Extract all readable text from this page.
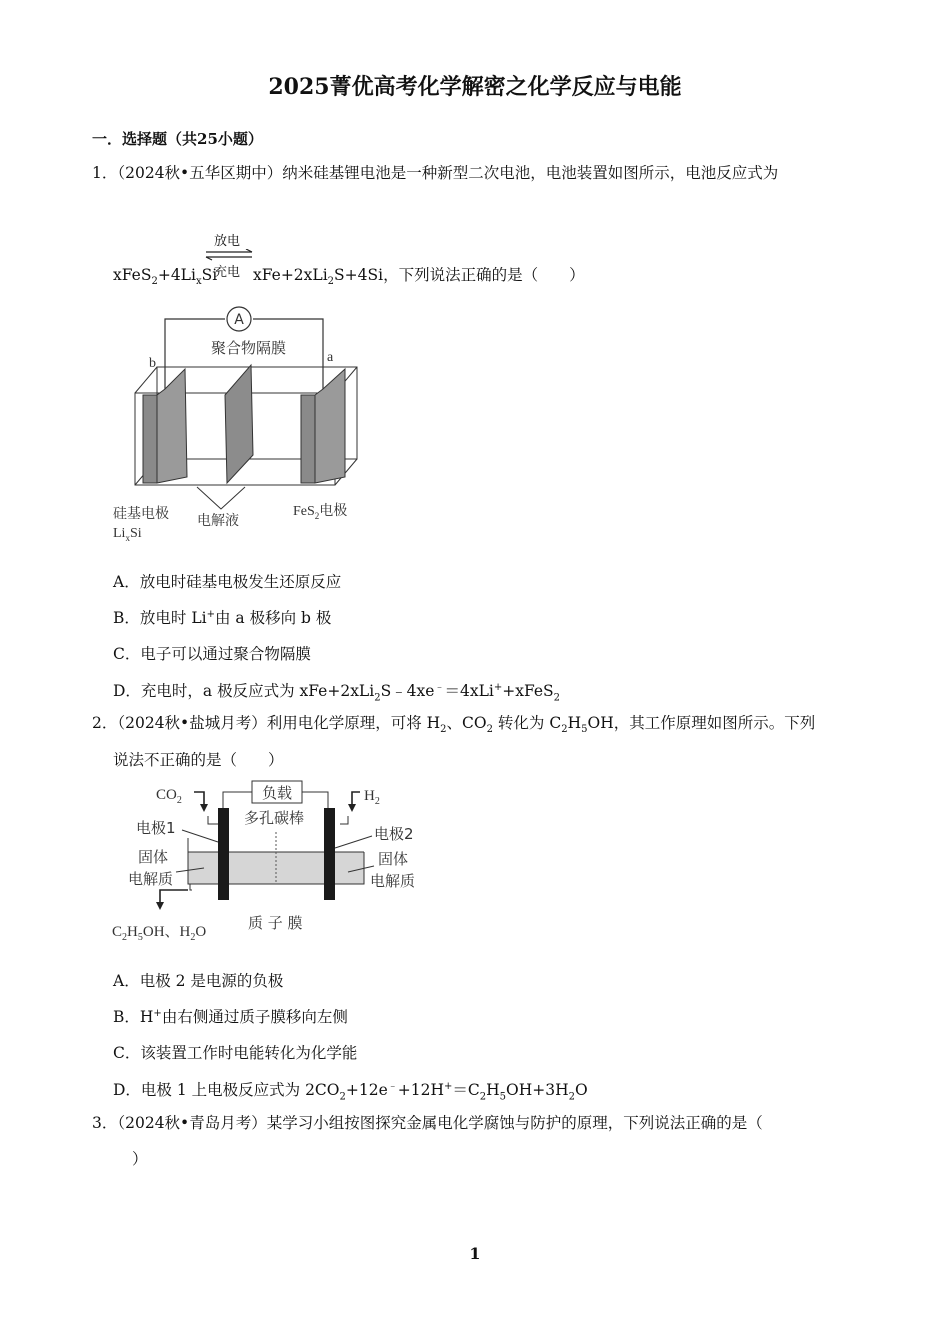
2025菁优高考化学解密之化学反应与电能
一．选择题（共25小题）
1．（2024秋•五华区期中）纳米硅基锂电池是一种新型二次电池，电池装置如图所示，电池反应式为
放电
充电
$xFeS_2+4Li_xSi$ xFe+2xLi$_2$S+4Si，下列说法正确的是（　　）
A
聚合物隔膜
b	a
硅基电极
$Li_xSi$
电解液
FeS$_2$电极
A．放电时硅基电极发生还原反应
B．放电时 Li+由 a 极移向 b 极
C．电子可以通过聚合物隔膜
D．充电时，a 极反应式为 xFe+2xLi$_2$S﹣4xe﹣＝4xLi++xFeS$_2$
2．（2024秋•盐城月考）利用电化学原理，可将 $H_2$、$CO_2$ 转化为 $C_2H_5OH$，其工作原理如图所示。下列
说法不正确的是（　　）
$CO_2$	$H_2$
负载
多孔碳棒
电极1	电极2
固体
电解质
固体
电解质
$C_2H_5OH$、$H_2O$	质 子 膜
A．电极 2 是电源的负极
B．H+由右侧通过质子膜移向左侧
C．该装置工作时电能转化为化学能
D．电极 1 上电极反应式为 $2CO_2+12e^﹣+12H^+=C_2H_5OH+3H_2O$
3．（2024秋•青岛月考）某学习小组按图探究金属电化学腐蚀与防护的原理，下列说法正确的是（
）
1
